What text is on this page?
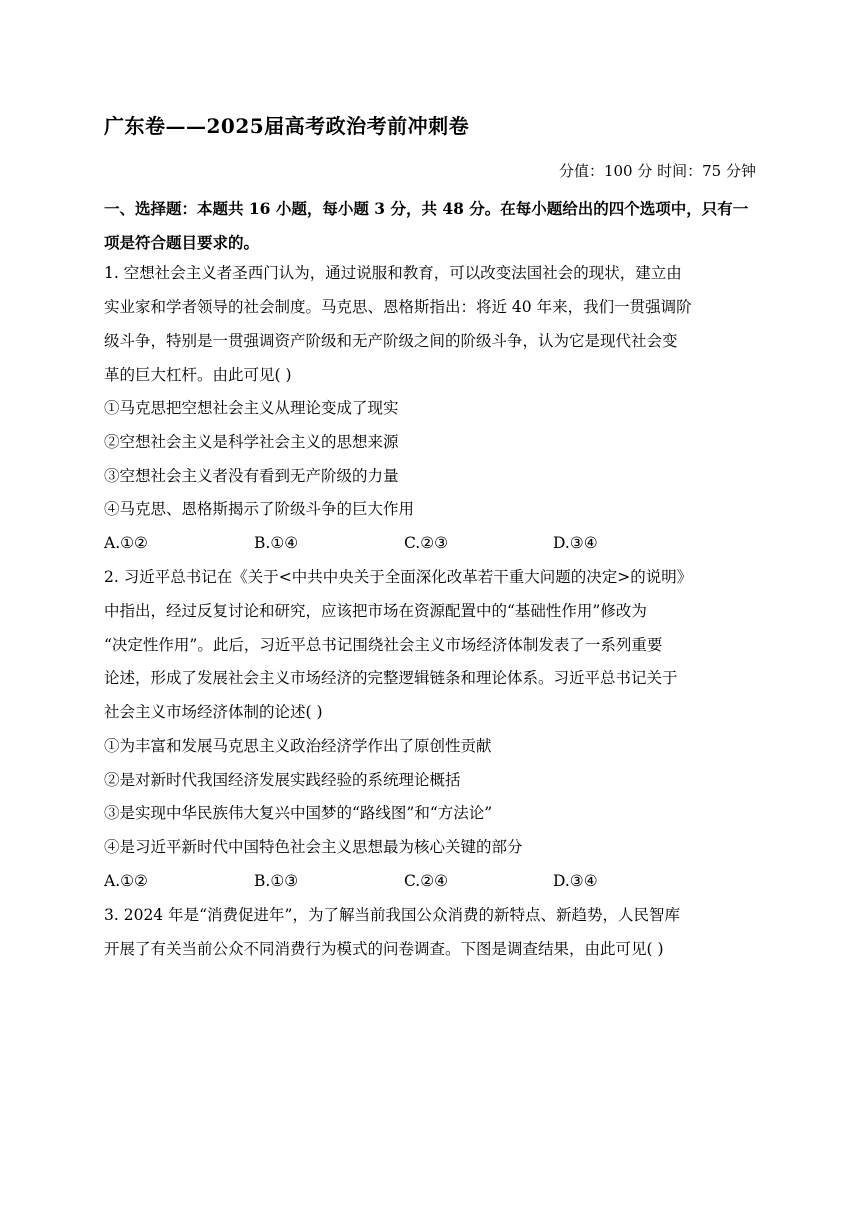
广东卷——2025届高考政治考前冲刺卷
分值：100 分 时间：75 分钟
一、选择题：本题共 16 小题，每小题 3 分，共 48 分。在每小题给出的四个选项中，只有一项是符合题目要求的。
1. 空想社会主义者圣西门认为，通过说服和教育，可以改变法国社会的现状，建立由
实业家和学者领导的社会制度。马克思、恩格斯指出：将近 40 年来，我们一贯强调阶
级斗争，特别是一贯强调资产阶级和无产阶级之间的阶级斗争，认为它是现代社会变
革的巨大杠杆。由此可见( )
①马克思把空想社会主义从理论变成了现实
②空想社会主义是科学社会主义的思想来源
③空想社会主义者没有看到无产阶级的力量
④马克思、恩格斯揭示了阶级斗争的巨大作用
A.①②	B.①④	C.②③	D.③④
2. 习近平总书记在《关于<中共中央关于全面深化改革若干重大问题的决定>的说明》
中指出，经过反复讨论和研究，应该把市场在资源配置中的“基础性作用”修改为
“决定性作用”。此后，习近平总书记围绕社会主义市场经济体制发表了一系列重要
论述，形成了发展社会主义市场经济的完整逻辑链条和理论体系。习近平总书记关于
社会主义市场经济体制的论述( )
①为丰富和发展马克思主义政治经济学作出了原创性贡献
②是对新时代我国经济发展实践经验的系统理论概括
③是实现中华民族伟大复兴中国梦的“路线图”和“方法论”
④是习近平新时代中国特色社会主义思想最为核心关键的部分
A.①②	B.①③	C.②④	D.③④
3. 2024 年是“消费促进年”，为了解当前我国公众消费的新特点、新趋势，人民智库
开展了有关当前公众不同消费行为模式的问卷调查。下图是调查结果，由此可见( )
